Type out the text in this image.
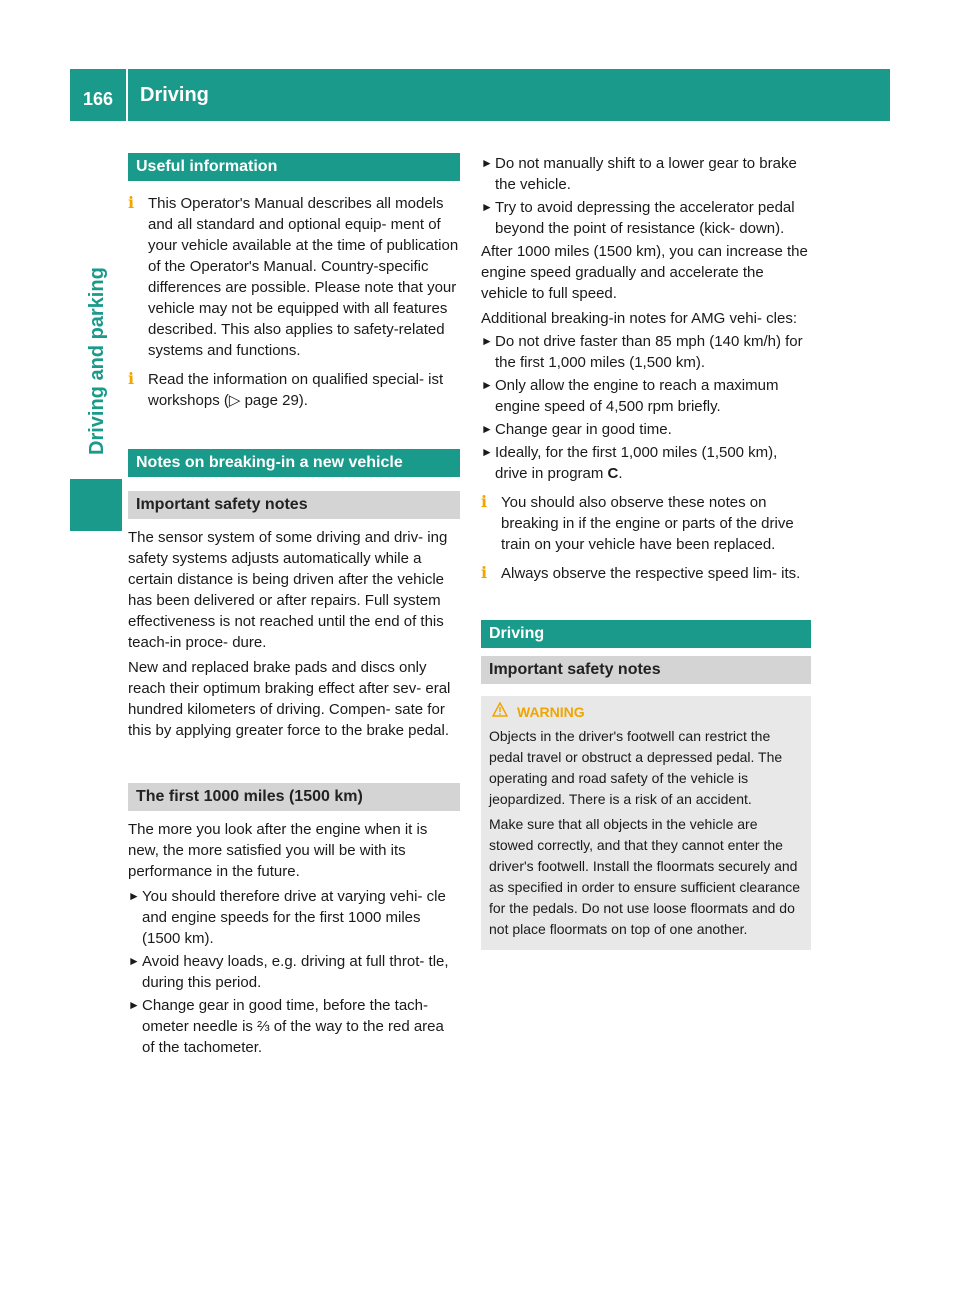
166	Driving
Driving and parking
Useful information
i This Operator's Manual describes all models and all standard and optional equip- ment of your vehicle available at the time of publication of the Operator's Manual. Country-specific differences are possible. Please note that your vehicle may not be equipped with all features described. This also applies to safety-related systems and functions.
i Read the information on qualified special- ist workshops (▷ page 29).
Notes on breaking-in a new vehicle
Important safety notes

The sensor system of some driving and driv- ing safety systems adjusts automatically while a certain distance is being driven after the vehicle has been delivered or after repairs. Full system effectiveness is not reached until the end of this teach-in proce- dure.

New and replaced brake pads and discs only reach their optimum braking effect after sev- eral hundred kilometers of driving. Compen- sate for this by applying greater force to the brake pedal.

The first 1000 miles (1500 km)

The more you look after the engine when it is new, the more satisfied you will be with its performance in the future.

► You should therefore drive at varying vehi- cle and engine speeds for the first 1000 miles (1500 km).
► Avoid heavy loads, e.g. driving at full throt- tle, during this period.
► Change gear in good time, before the tach- ometer needle is ⅔ of the way to the red area of the tachometer.
► Do not manually shift to a lower gear to brake the vehicle.
► Try to avoid depressing the accelerator pedal beyond the point of resistance (kick- down).

After 1000 miles (1500 km), you can increase the engine speed gradually and accelerate the vehicle to full speed.

Additional breaking-in notes for AMG vehi- cles:

► Do not drive faster than 85 mph (140 km/h) for the first 1,000 miles (1,500 km).
► Only allow the engine to reach a maximum engine speed of 4,500 rpm briefly.
► Change gear in good time.
► Ideally, for the first 1,000 miles (1,500 km), drive in program C.
i You should also observe these notes on breaking in if the engine or parts of the drive train on your vehicle have been replaced.
i Always observe the respective speed lim- its.
Driving
Important safety notes
WARNING

Objects in the driver's footwell can restrict the pedal travel or obstruct a depressed pedal. The operating and road safety of the vehicle is jeopardized. There is a risk of an accident.

Make sure that all objects in the vehicle are stowed correctly, and that they cannot enter the driver's footwell. Install the floormats securely and as specified in order to ensure sufficient clearance for the pedals. Do not use loose floormats and do not place floormats on top of one another.
